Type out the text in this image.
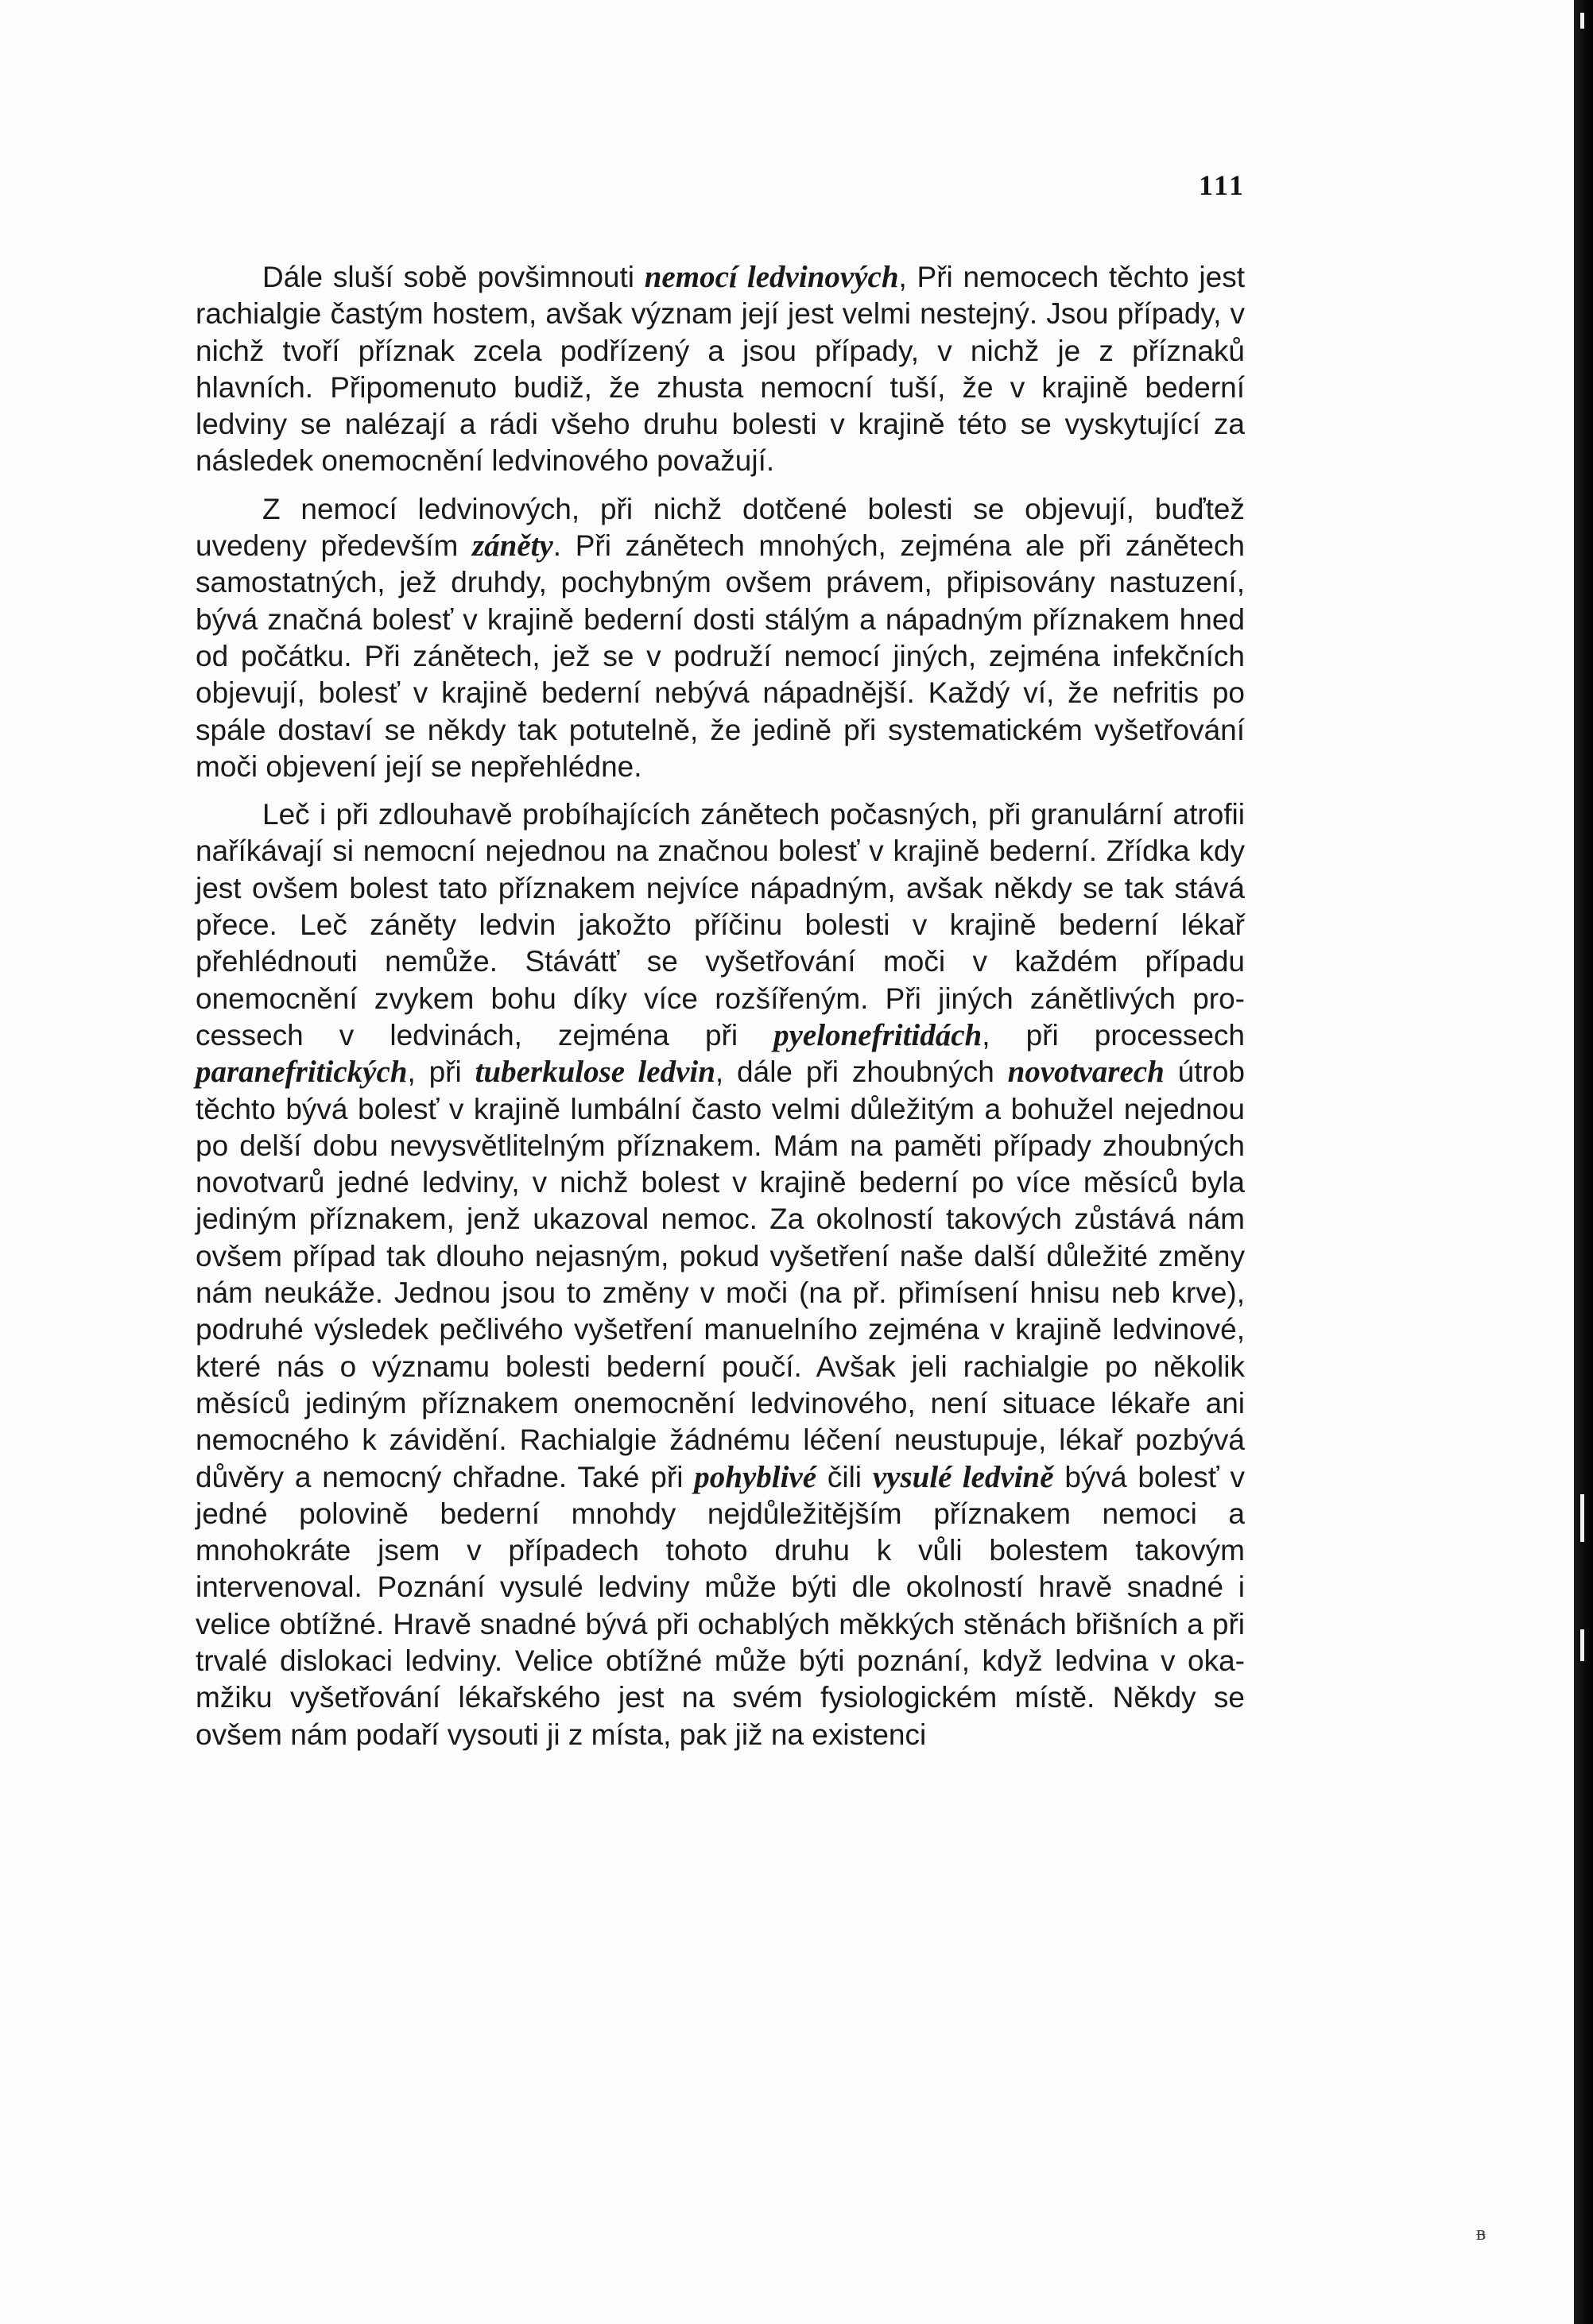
111

Dále sluší sobě povšimnouti nemocí ledvinových, Při nemocech těchto jest rachialgie častým hostem, avšak význam její jest velmi nestejný. Jsou případy, v nichž tvoří příznak zcela podřízený a jsou případy, v nichž je z příznaků hlavních. Připomenuto budiž, že zhusta nemocní tuší, že v krajině bederní ledviny se nalézají a rádi všeho druhu bolesti v krajině této se vyskytující za následek onemocnění ledvinového považují.

Z nemocí ledvinových, při nichž dotčené bolesti se objevují, buďtež uvedeny především záněty. Při zánětech mnohých, zejména ale při zánětech samostatných, jež druhdy, pochybným ovšem právem, připisovány nastuzení, bývá značná bolesť v krajině bederní dosti stálým a nápadným příznakem hned od počátku. Při zánětech, jež se v podruží nemocí jiných, zejména infekčních objevují, bolesť v krajině bederní nebývá nápadnější. Každý ví, že nefritis po spále dostaví se někdy tak potutelně, že jedině při systematickém vyšetřování moči objevení její se nepřehlédne.

Leč i při zdlouhavě probíhajících zánětech počasných, při granulární atrofii naříkávají si nemocní nejednou na značnou bolesť v krajině bederní. Zřídka kdy jest ovšem bolest tato příznakem nejvíce nápadným, avšak někdy se tak stává přece. Leč záněty ledvin jakožto příčinu bolesti v krajině bederní lékař přehlédnouti nemůže. Stávátť se vyšetřování moči v každém případu onemocnění zvykem bohu díky více rozšířeným. Při jiných zánětlivých processech v ledvinách, zejména při pyelonefritidách, při processech paranefritických, při tuberkulose ledvin, dále při zhoubných novotvarech útrob těchto bývá bolesť v krajině lumbální často velmi důležitým a bohužel nejednou po delší dobu nevysvětlitelným příznakem. Mám na paměti případy zhoubných novotvarů jedné ledviny, v nichž bolest v krajině bederní po více měsíců byla jediným příznakem, jenž ukazoval nemoc. Za okolností takových zůstává nám ovšem případ tak dlouho nejasným, pokud vyšetření naše další důležité změny nám neukáže. Jednou jsou to změny v moči (na př. přimísení hnisu neb krve), podruhé výsledek pečlivého vyšetření manuelního zejména v krajině ledvinové, které nás o významu bolesti bederní poučí. Avšak jeli rachialgie po několik měsíců jediným příznakem onemocnění ledvinového, není situace lékaře ani nemocného k závidění. Rachialgie žádnému léčení neustupuje, lékař pozbývá důvěry a nemocný chřadne. Také při pohyblivé čili vysulé ledvině bývá bolesť v jedné polovině bederní mnohdy nejdůležitějším příznakem nemoci a mnohokráte jsem v případech tohoto druhu k vůli bolestem takovým intervenoval. Poznání vysulé ledviny může býti dle okolností hravě snadné i velice obtížné. Hravě snadné bývá při ochablých měkkých stěnách břišních a při trvalé dislokaci ledviny. Velice obtížné může býti poznání, když ledvina v okamžiku vyšetřování lékařského jest na svém fysiologickém místě. Někdy se ovšem nám podaří vysouti ji z místa, pak již na existenci

ᴃ
